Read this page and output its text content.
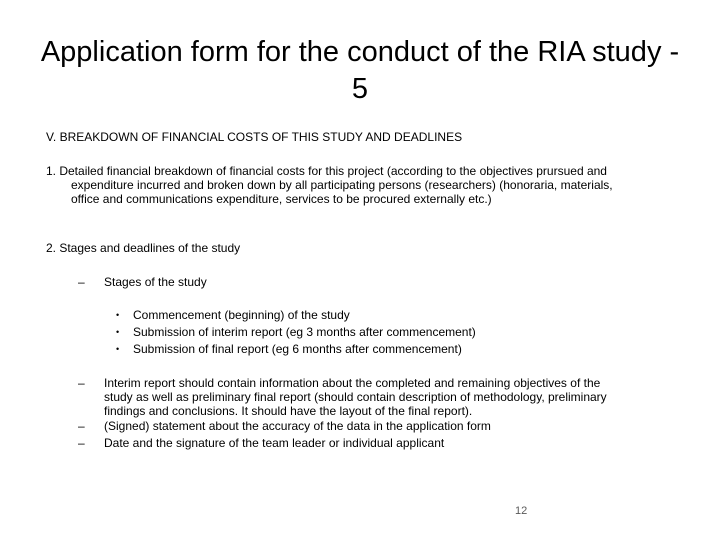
Application form for the conduct of the RIA study - 5
V. BREAKDOWN OF FINANCIAL COSTS OF THIS STUDY AND DEADLINES
1. Detailed financial breakdown of financial costs for this project (according to the objectives prursued and
expenditure incurred and broken down by all participating persons (researchers) (honoraria, materials,
office and communications expenditure, services to be procured externally etc.)
2. Stages and deadlines of the study
– Stages of the study
• Commencement (beginning) of the study
• Submission of interim report (eg 3 months after commencement)
• Submission of final report (eg 6 months after commencement)
– Interim report should contain information about the completed and remaining objectives of the
study as well as preliminary final report (should contain description of methodology, preliminary
findings and conclusions. It should have the layout of the final report).
– (Signed) statement about the accuracy of the data in the application form
– Date and the signature of the team leader or individual applicant
12
